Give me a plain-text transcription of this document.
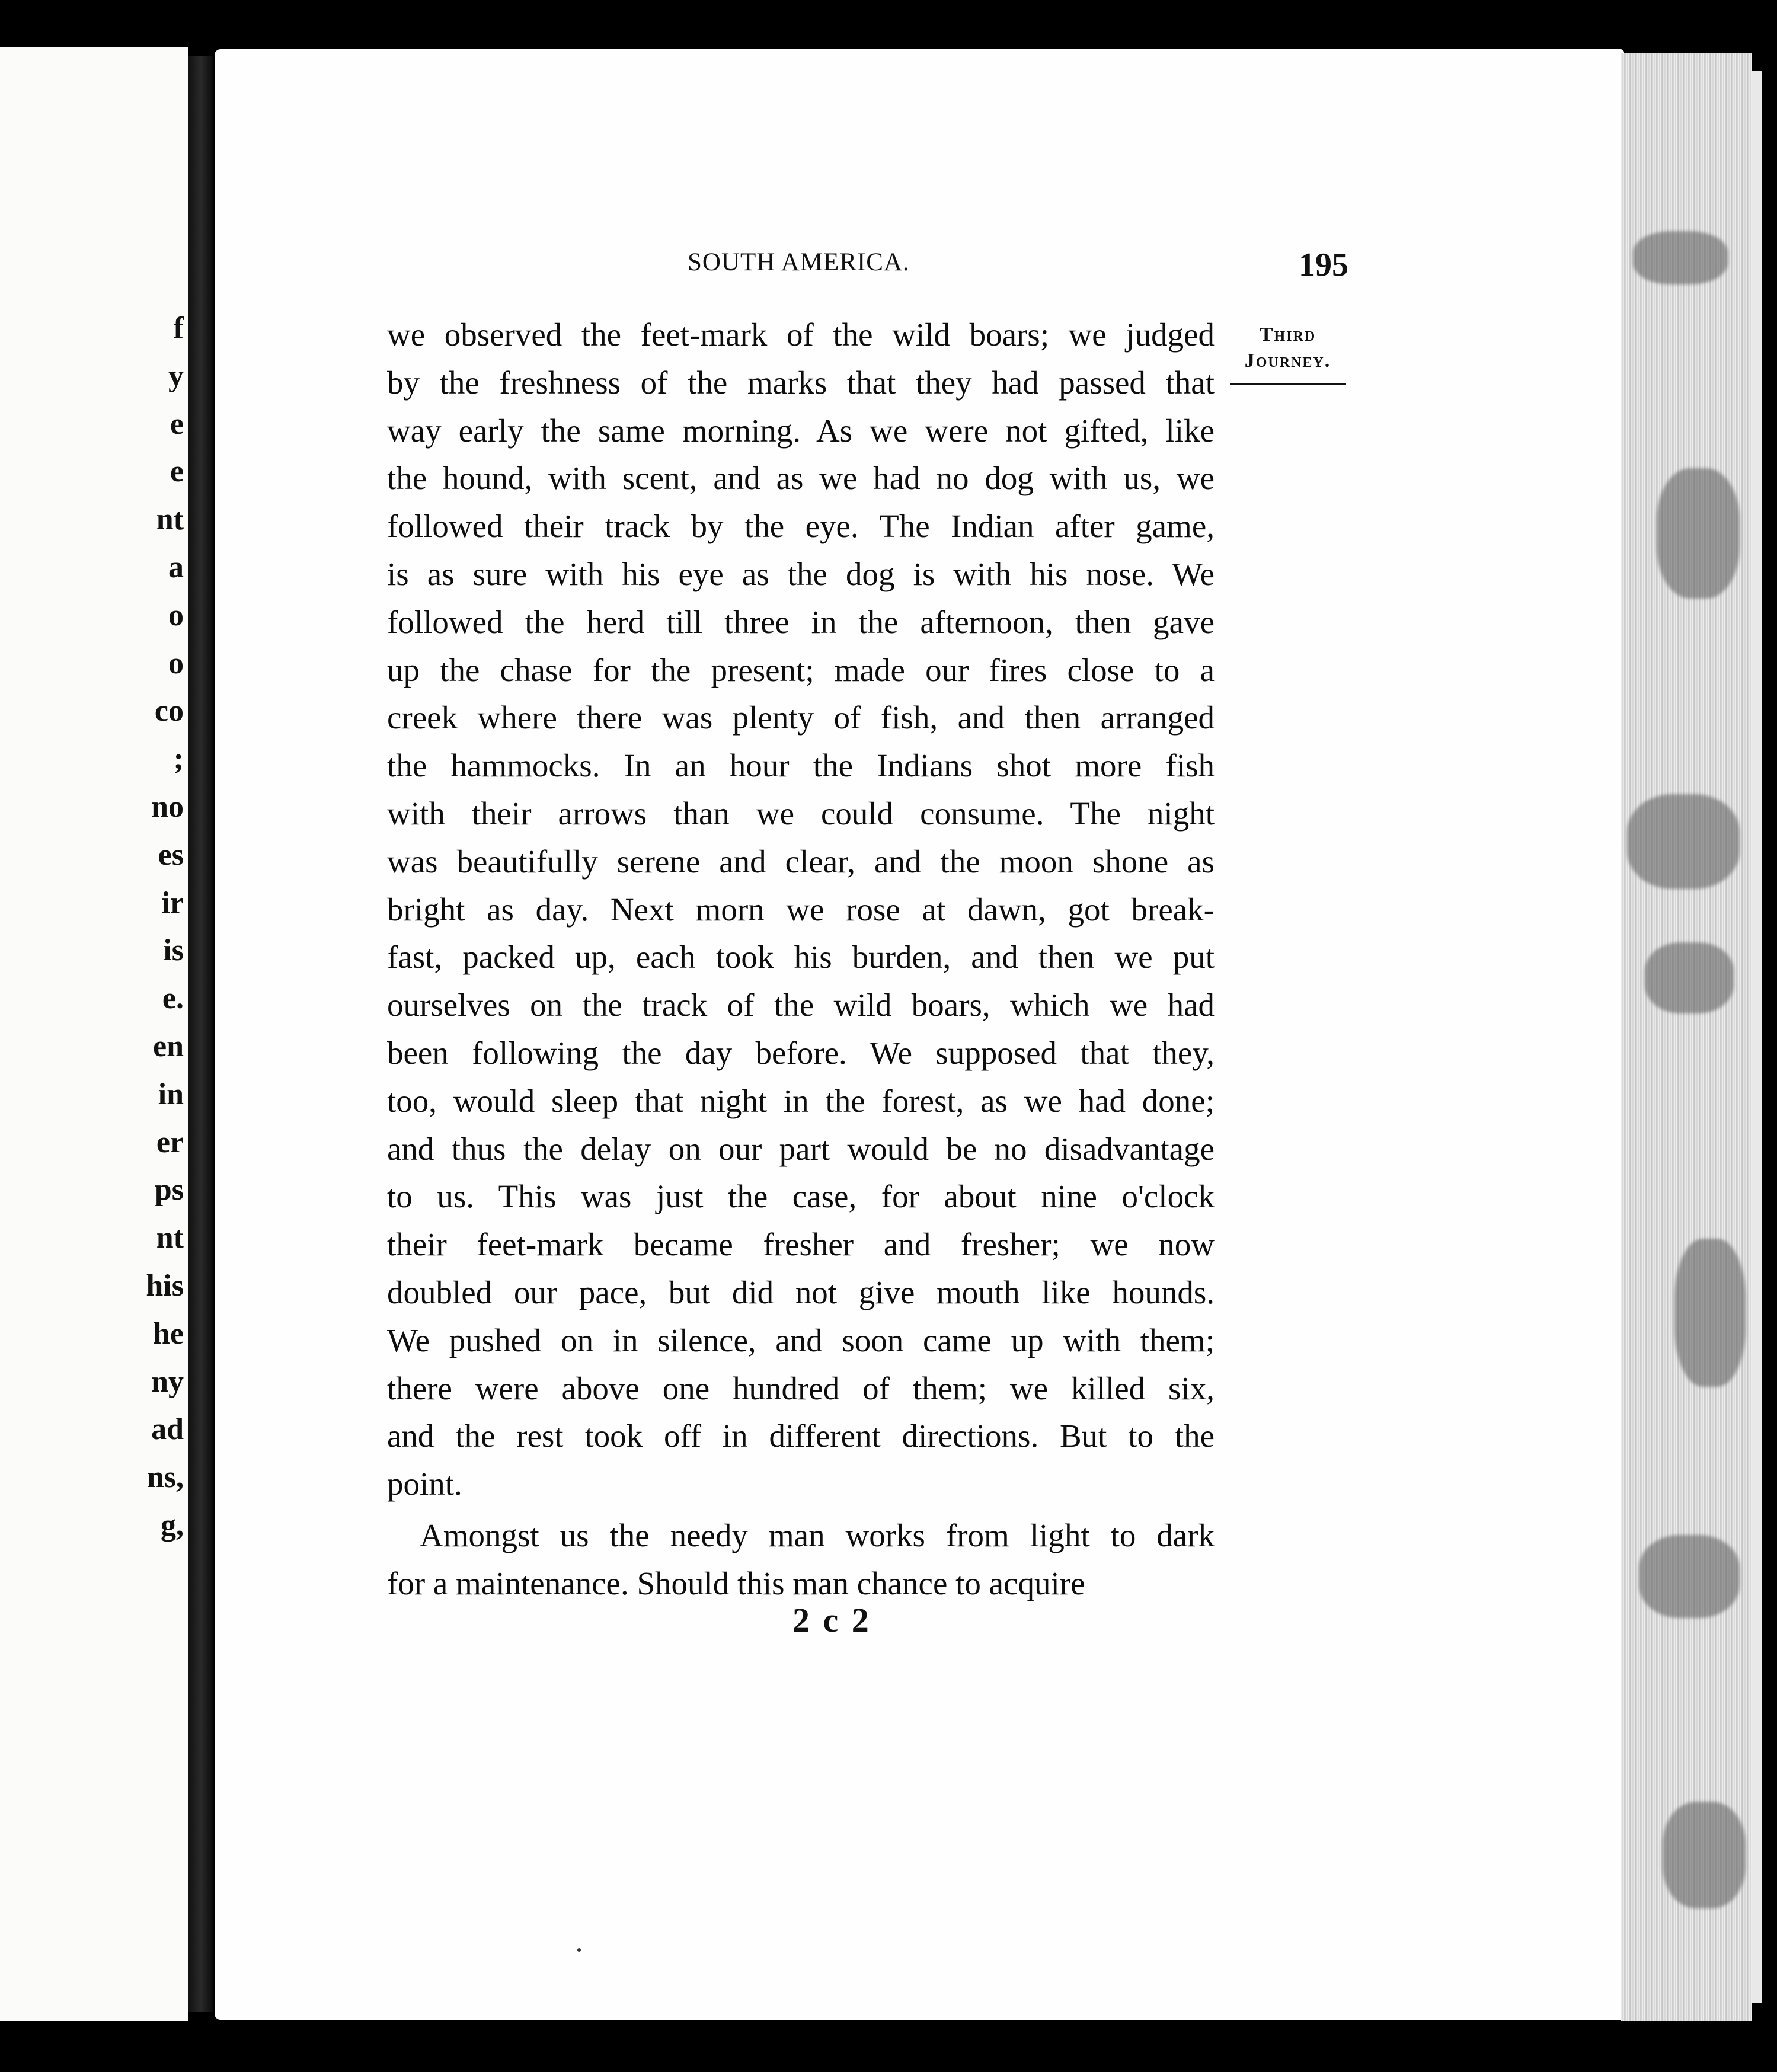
f
y
e
e
nt
a
o
o
co
;
no
es
ir
is
e.
en
in
er
ps
nt
his
he
ny
ad
ns,
g,
SOUTH AMERICA.	195
Third
Journey.
we observed the feet-mark of the wild boars; we judged
by the freshness of the marks that they had passed that
way early the same morning. As we were not gifted, like
the hound, with scent, and as we had no dog with us, we
followed their track by the eye. The Indian after game,
is as sure with his eye as the dog is with his nose. We
followed the herd till three in the afternoon, then gave
up the chase for the present; made our fires close to a
creek where there was plenty of fish, and then arranged
the hammocks. In an hour the Indians shot more fish
with their arrows than we could consume. The night
was beautifully serene and clear, and the moon shone as
bright as day. Next morn we rose at dawn, got break-
fast, packed up, each took his burden, and then we put
ourselves on the track of the wild boars, which we had
been following the day before. We supposed that they,
too, would sleep that night in the forest, as we had done;
and thus the delay on our part would be no disadvantage
to us. This was just the case, for about nine o'clock
their feet-mark became fresher and fresher; we now
doubled our pace, but did not give mouth like hounds.
We pushed on in silence, and soon came up with them;
there were above one hundred of them; we killed six,
and the rest took off in different directions. But to the
point.
Amongst us the needy man works from light to dark
for a maintenance. Should this man chance to acquire
2 c 2
